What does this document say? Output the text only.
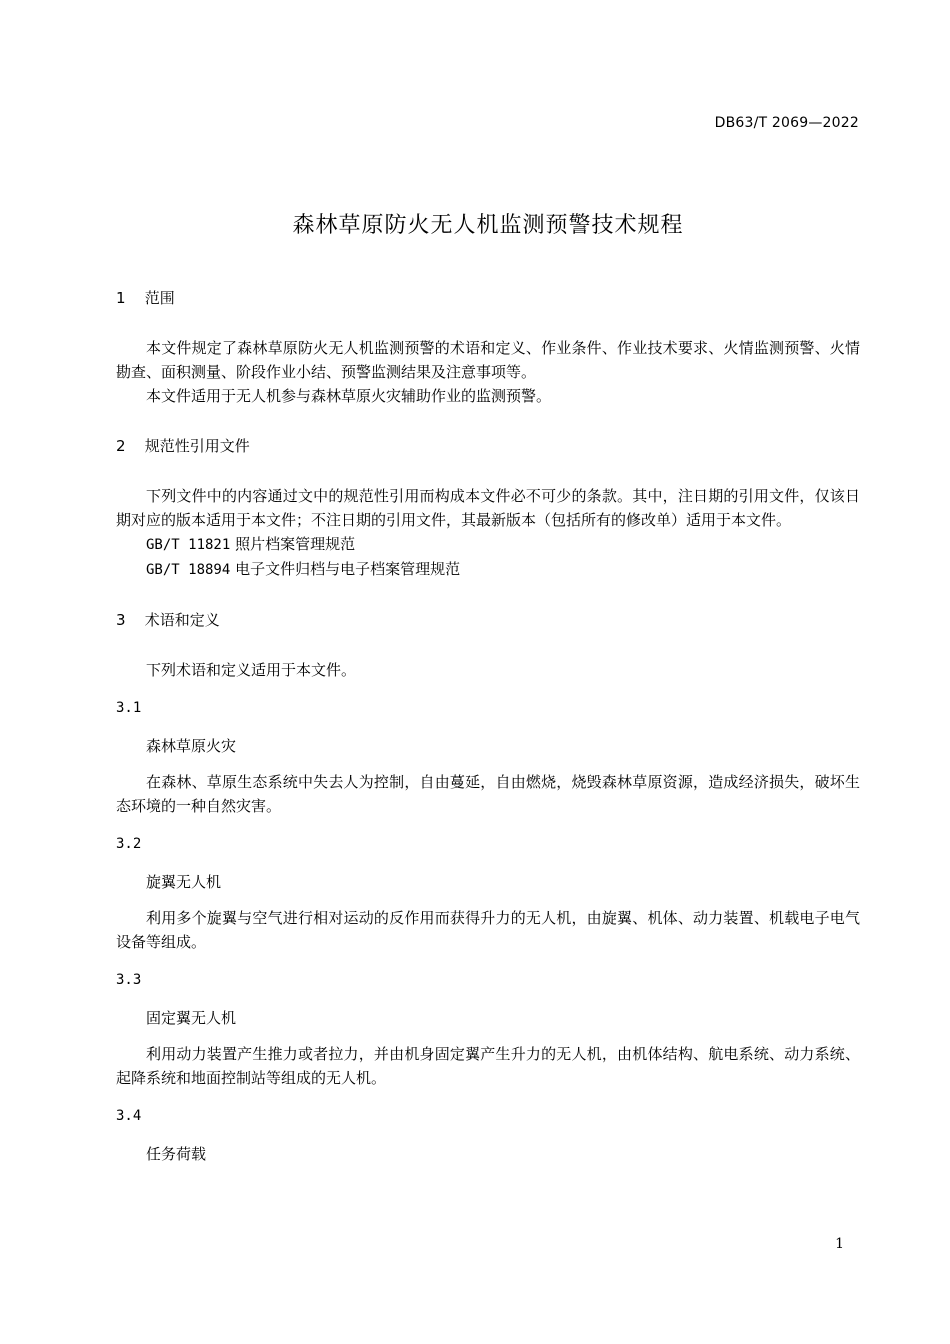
DB63/T 2069—2022
森林草原防火无人机监测预警技术规程
1 范围

本文件规定了森林草原防火无人机监测预警的术语和定义、作业条件、作业技术要求、火情监测预警、火情勘查、面积测量、阶段作业小结、预警监测结果及注意事项等。

本文件适用于无人机参与森林草原火灾辅助作业的监测预警。

2 规范性引用文件

下列文件中的内容通过文中的规范性引用而构成本文件必不可少的条款。其中，注日期的引用文件，仅该日期对应的版本适用于本文件；不注日期的引用文件，其最新版本（包括所有的修改单）适用于本文件。

GB/T 11821 照片档案管理规范

GB/T 18894 电子文件归档与电子档案管理规范

3 术语和定义

下列术语和定义适用于本文件。

3.1

森林草原火灾

在森林、草原生态系统中失去人为控制，自由蔓延，自由燃烧，烧毁森林草原资源，造成经济损失，破坏生态环境的一种自然灾害。

3.2

旋翼无人机

利用多个旋翼与空气进行相对运动的反作用而获得升力的无人机，由旋翼、机体、动力装置、机载电子电气设备等组成。

3.3

固定翼无人机

利用动力装置产生推力或者拉力，并由机身固定翼产生升力的无人机，由机体结构、航电系统、动力系统、起降系统和地面控制站等组成的无人机。

3.4

任务荷载

1
